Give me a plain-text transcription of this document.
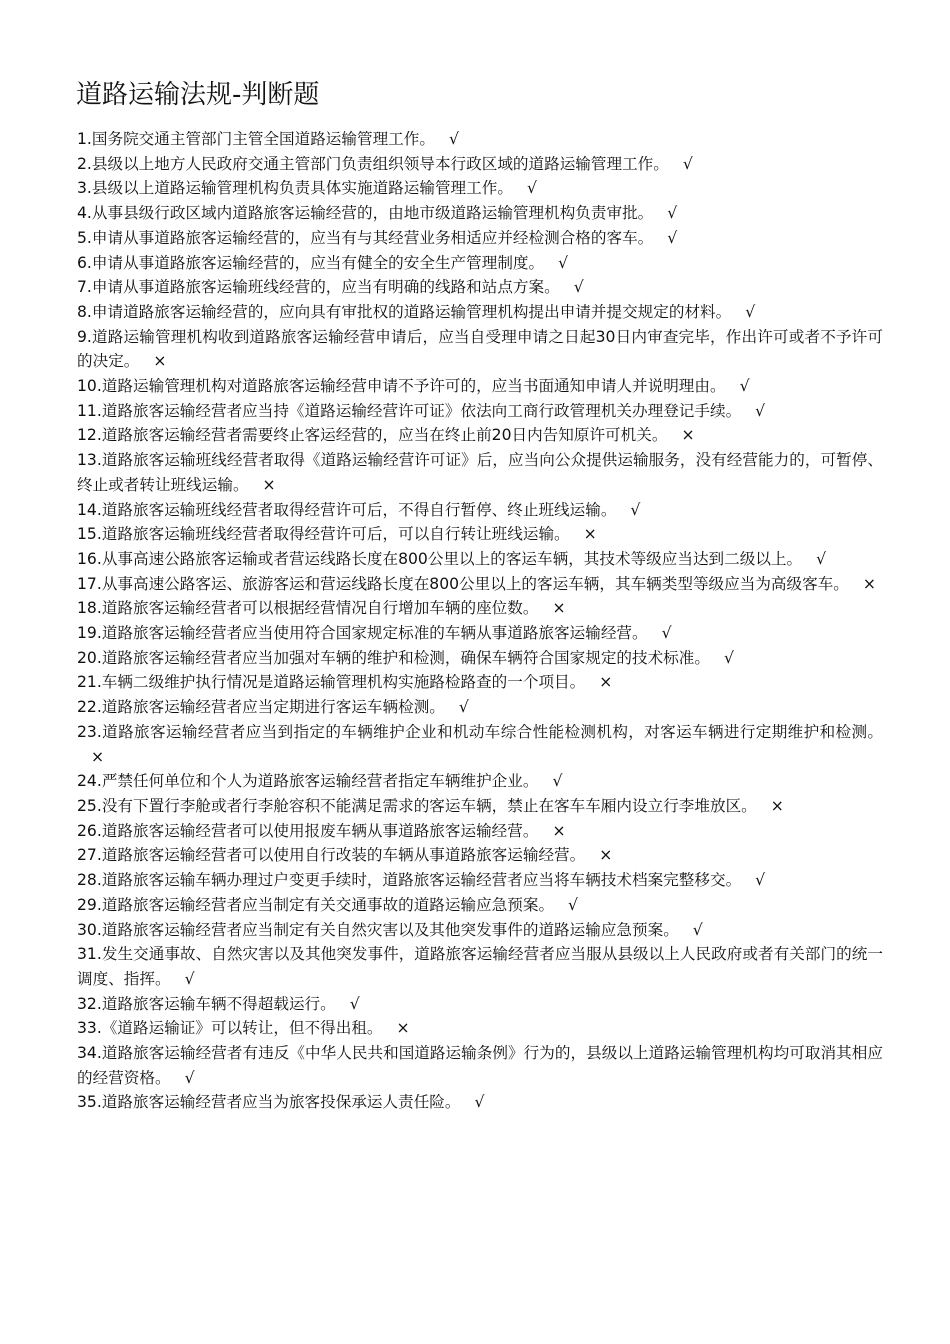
道路运输法规-判断题
1.国务院交通主管部门主管全国道路运输管理工作。 √
2.县级以上地方人民政府交通主管部门负责组织领导本行政区域的道路运输管理工作。 √
3.县级以上道路运输管理机构负责具体实施道路运输管理工作。 √
4.从事县级行政区域内道路旅客运输经营的，由地市级道路运输管理机构负责审批。 √
5.申请从事道路旅客运输经营的，应当有与其经营业务相适应并经检测合格的客车。 √
6.申请从事道路旅客运输经营的，应当有健全的安全生产管理制度。 √
7.申请从事道路旅客运输班线经营的，应当有明确的线路和站点方案。 √
8.申请道路旅客运输经营的，应向具有审批权的道路运输管理机构提出申请并提交规定的材料。 √
9.道路运输管理机构收到道路旅客运输经营申请后，应当自受理申请之日起30日内审查完毕，作出许可或者不予许可的决定。 ×
10.道路运输管理机构对道路旅客运输经营申请不予许可的，应当书面通知申请人并说明理由。 √
11.道路旅客运输经营者应当持《道路运输经营许可证》依法向工商行政管理机关办理登记手续。 √
12.道路旅客运输经营者需要终止客运经营的，应当在终止前20日内告知原许可机关。 ×
13.道路旅客运输班线经营者取得《道路运输经营许可证》后，应当向公众提供运输服务，没有经营能力的，可暂停、终止或者转让班线运输。 ×
14.道路旅客运输班线经营者取得经营许可后，不得自行暂停、终止班线运输。 √
15.道路旅客运输班线经营者取得经营许可后，可以自行转让班线运输。 ×
16.从事高速公路旅客运输或者营运线路长度在800公里以上的客运车辆，其技术等级应当达到二级以上。 √
17.从事高速公路客运、旅游客运和营运线路长度在800公里以上的客运车辆，其车辆类型等级应当为高级客车。 ×
18.道路旅客运输经营者可以根据经营情况自行增加车辆的座位数。 ×
19.道路旅客运输经营者应当使用符合国家规定标准的车辆从事道路旅客运输经营。 √
20.道路旅客运输经营者应当加强对车辆的维护和检测，确保车辆符合国家规定的技术标准。 √
21.车辆二级维护执行情况是道路运输管理机构实施路检路查的一个项目。 ×
22.道路旅客运输经营者应当定期进行客运车辆检测。 √
23.道路旅客运输经营者应当到指定的车辆维护企业和机动车综合性能检测机构，对客运车辆进行定期维护和检测。×
24.严禁任何单位和个人为道路旅客运输经营者指定车辆维护企业。 √
25.没有下置行李舱或者行李舱容积不能满足需求的客运车辆，禁止在客车车厢内设立行李堆放区。 ×
26.道路旅客运输经营者可以使用报废车辆从事道路旅客运输经营。 ×
27.道路旅客运输经营者可以使用自行改装的车辆从事道路旅客运输经营。 ×
28.道路旅客运输车辆办理过户变更手续时，道路旅客运输经营者应当将车辆技术档案完整移交。 √
29.道路旅客运输经营者应当制定有关交通事故的道路运输应急预案。 √
30.道路旅客运输经营者应当制定有关自然灾害以及其他突发事件的道路运输应急预案。 √
31.发生交通事故、自然灾害以及其他突发事件，道路旅客运输经营者应当服从县级以上人民政府或者有关部门的统一调度、指挥。 √
32.道路旅客运输车辆不得超载运行。 √
33.《道路运输证》可以转让，但不得出租。 ×
34.道路旅客运输经营者有违反《中华人民共和国道路运输条例》行为的，县级以上道路运输管理机构均可取消其相应的经营资格。 √
35.道路旅客运输经营者应当为旅客投保承运人责任险。 √
